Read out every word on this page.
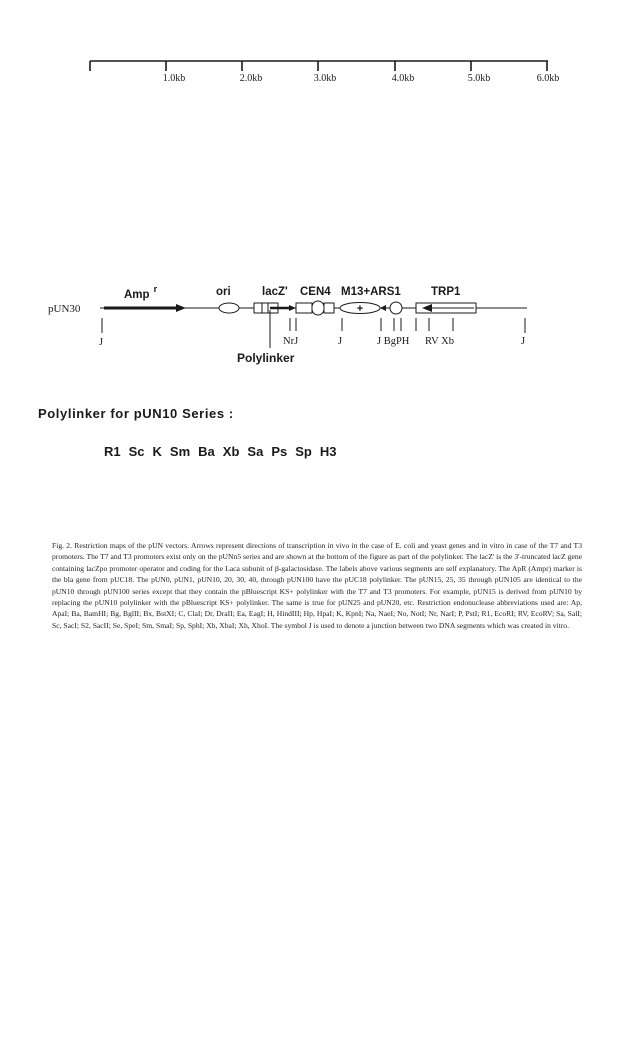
1.0kb	2.0kb	3.0kb	4.0kb	5.0kb	6.0kb
Amp $^r$	ori	lacZ' CEN4 M13+ARS1	TRP1
pUN30	+
J	NrJ	J	J BgPH RV Xb	J
Polylinker
Polylinker for pUN10 Series :
R1 Sc K Sm Ba Xb Sa Ps Sp H3

Fig. 2. Restriction maps of the pUN vectors. Arrows represent directions of transcription in vivo in the case of E. coli and yeast genes and in vitro in case of the T7 and T3 promoters. The T7 and T3 promoters exist only on the pUNn5 series and are shown at the bottom of the figure as part of the polylinker. The lacZ' is the 3'-truncated lacZ gene containing lacZpo promoter operator and coding for the Laca subunit of β-galactosidase. The labels above various segments are self explanatory. The ApR (Ampr) marker is the bla gene from pUC18. The pUN0, pUN1, pUN10, 20, 30, 40, through pUN100 have the pUC18 polylinker. The pUN15, 25, 35 through pUN105 are identical to the pUN10 through pUN100 series except that they contain the pBluescript KS+ polylinker with the T7 and T3 promoters. For example, pUN15 is derived from pUN10 by replacing the pUN10 polylinker with the pBluescript KS+ polylinker. The same is true for pUN25 and pUN20, etc. Restriction endonuclease abbreviations used are: Ap, ApaI; Ba, BamHI; Bg, BglII; Bx, BstXI; C, ClaI; Dr, DraII; Ea, EagI; H, HindIII; Hp, HpaI; K, KpnI; Na, NaeI; No, NotI; Nr, NarI; P, PstI; R1, EcoRI; RV, EcoRV; Sa, SalI; Sc, SacI; S2, SacII; Se, SpeI; Sm, SmaI; Sp, SphI; Xb, XbaI; Xh, XhoI. The symbol J is used to denote a junction between two DNA segments which was created in vitro.
